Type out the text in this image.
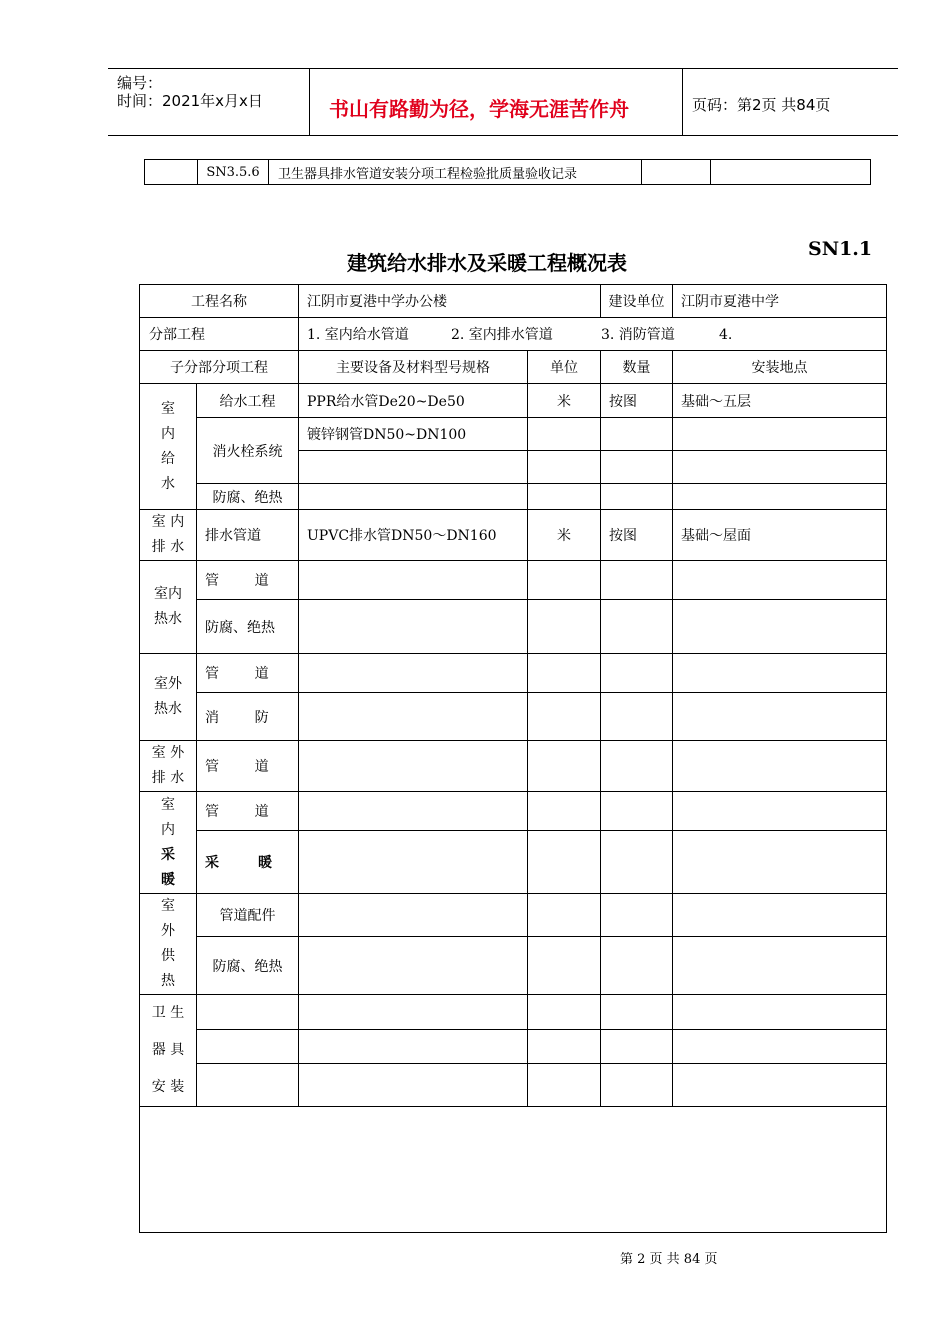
编号：
时间：2021年x月x日	书山有路勤为径，学海无涯苦作舟	页码：第2页 共84页
	SN3.5.6	卫生器具排水管道安装分项工程检验批质量验收记录		
建筑给水排水及采暖工程概况表
SN1.1
工程名称		江阴市夏港中学办公楼		建设单位	江阴市夏港中学
分部工程		1. 室内给水管道 2. 室内排水管道 3. 消防管道 4.			
子分部分项工程		主要设备及材料型号规格	单位	数量	安装地点

室
内
给
水	给水工程	PPR给水管De20~De50	米	按图	基础～五层
	消火栓系统	镀锌钢管DN50~DN100			

	防腐、绝热				

室 内
排 水	排水管道	UPVC排水管DN50～DN160	米	按图	基础～屋面

室内
热水	管        道				
	防腐、绝热				

室外
热水	管        道				
	消        防				

室 外
排 水	管        道				

室
内
采
暖	管        道				
	采        暖				

室
外
供
热	管道配件				
	防腐、绝热				

卫 生
器 具
安 装					

第 2 页 共 84 页
